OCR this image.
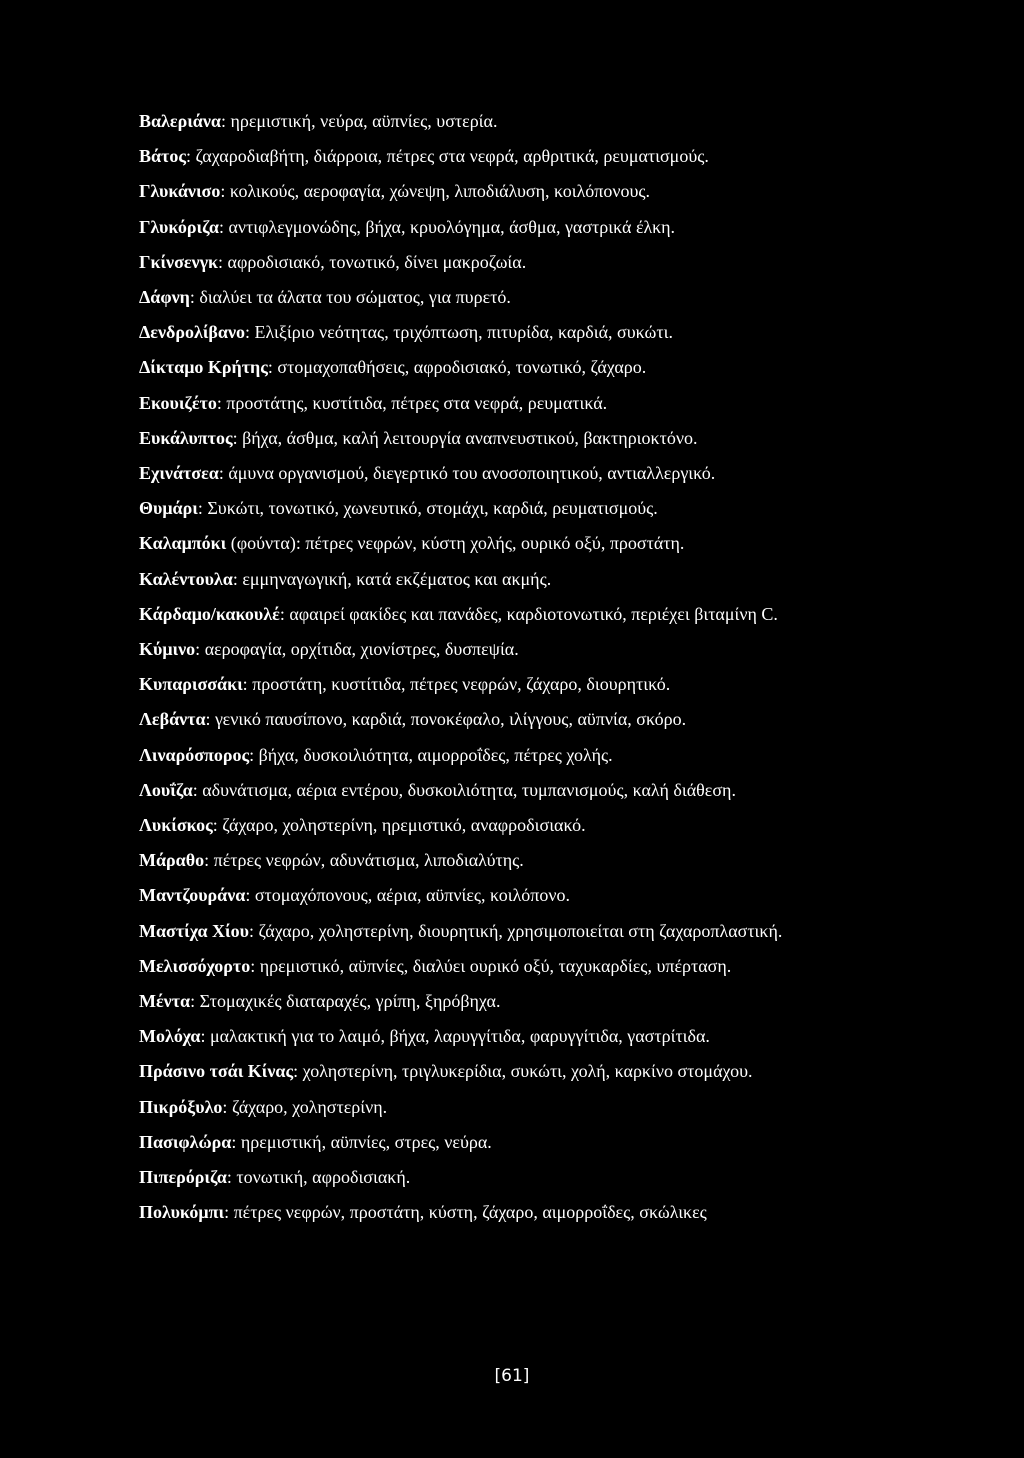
Βαλεριάνα: ηρεμιστική, νεύρα, αϋπνίες, υστερία.
Βάτος: ζαχαροδιαβήτη, διάρροια, πέτρες στα νεφρά, αρθριτικά, ρευματισμούς.
Γλυκάνισο: κολικούς, αεροφαγία, χώνεψη, λιποδιάλυση, κοιλόπονους.
Γλυκόριζα: αντιφλεγμονώδης, βήχα, κρυολόγημα, άσθμα, γαστρικά έλκη.
Γκίνσενγκ: αφροδισιακό, τονωτικό, δίνει μακροζωία.
Δάφνη: διαλύει τα άλατα του σώματος, για πυρετό.
Δενδρολίβανο: Ελιξίριο νεότητας, τριχόπτωση, πιτυρίδα, καρδιά, συκώτι.
Δίκταμο Κρήτης: στομαχοπαθήσεις, αφροδισιακό, τονωτικό, ζάχαρο.
Εκουιζέτο: προστάτης, κυστίτιδα, πέτρες στα νεφρά, ρευματικά.
Ευκάλυπτος: βήχα, άσθμα, καλή λειτουργία αναπνευστικού, βακτηριοκτόνο.
Εχινάτσεα: άμυνα οργανισμού, διεγερτικό του ανοσοποιητικού, αντιαλλεργικό.
Θυμάρι: Συκώτι, τονωτικό, χωνευτικό, στομάχι, καρδιά, ρευματισμούς.
Καλαμπόκι (φούντα): πέτρες νεφρών, κύστη χολής, ουρικό οξύ, προστάτη.
Καλέντουλα: εμμηναγωγική, κατά εκζέματος και ακμής.
Κάρδαμο/κακουλέ: αφαιρεί φακίδες και πανάδες, καρδιοτονωτικό, περιέχει βιταμίνη C.
Κύμινο: αεροφαγία, ορχίτιδα, χιονίστρες, δυσπεψία.
Κυπαρισσάκι: προστάτη, κυστίτιδα, πέτρες νεφρών, ζάχαρο, διουρητικό.
Λεβάντα: γενικό παυσίπονο, καρδιά, πονοκέφαλο, ιλίγγους, αϋπνία, σκόρο.
Λιναρόσπορος: βήχα, δυσκοιλιότητα, αιμορροΐδες, πέτρες χολής.
Λουΐζα: αδυνάτισμα, αέρια εντέρου, δυσκοιλιότητα, τυμπανισμούς, καλή διάθεση.
Λυκίσκος: ζάχαρο, χοληστερίνη, ηρεμιστικό, αναφροδισιακό.
Μάραθο: πέτρες νεφρών, αδυνάτισμα, λιποδιαλύτης.
Μαντζουράνα: στομαχόπονους, αέρια, αϋπνίες, κοιλόπονο.
Μαστίχα Χίου: ζάχαρο, χοληστερίνη, διουρητική, χρησιμοποιείται στη ζαχαροπλαστική.
Μελισσόχορτο: ηρεμιστικό, αϋπνίες, διαλύει ουρικό οξύ, ταχυκαρδίες, υπέρταση.
Μέντα: Στομαχικές διαταραχές, γρίπη, ξηρόβηχα.
Μολόχα: μαλακτική για το λαιμό, βήχα, λαρυγγίτιδα, φαρυγγίτιδα, γαστρίτιδα.
Πράσινο τσάι Κίνας: χοληστερίνη, τριγλυκερίδια, συκώτι, χολή, καρκίνο στομάχου.
Πικρόξυλο: ζάχαρο, χοληστερίνη.
Πασιφλώρα: ηρεμιστική, αϋπνίες, στρες, νεύρα.
Πιπερόριζα: τονωτική, αφροδισιακή.
Πολυκόμπι: πέτρες νεφρών, προστάτη, κύστη, ζάχαρο, αιμορροΐδες, σκώλικες
[61]
